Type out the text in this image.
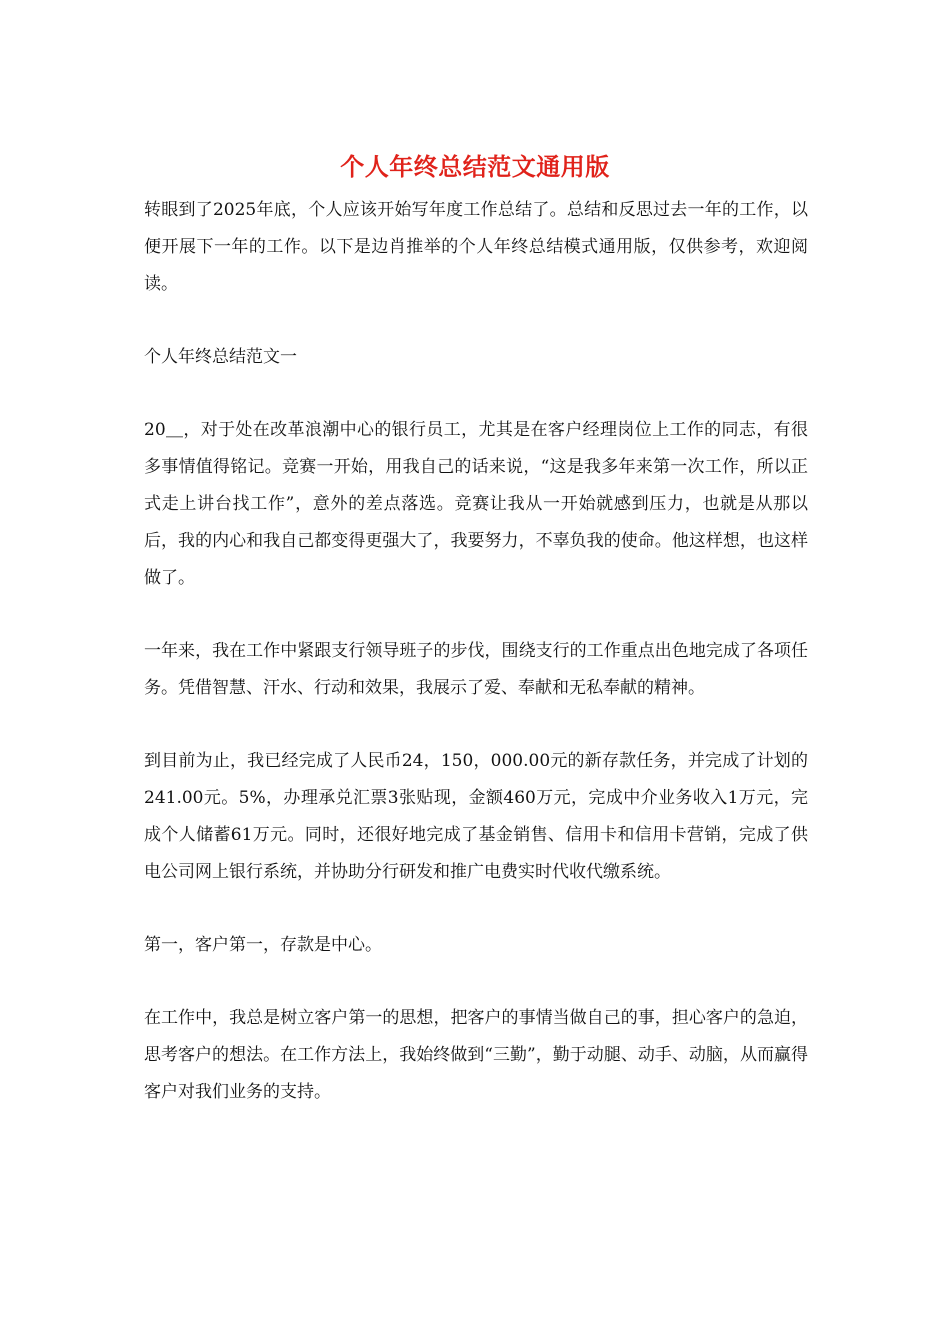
个人年终总结范文通用版

转眼到了2025年底，个人应该开始写年度工作总结了。总结和反思过去一年的工作，以便开展下一年的工作。以下是边肖推举的个人年终总结模式通用版，仅供参考，欢迎阅读。

个人年终总结范文一

20＿，对于处在改革浪潮中心的银行员工，尤其是在客户经理岗位上工作的同志，有很多事情值得铭记。竞赛一开始，用我自己的话来说，“这是我多年来第一次工作，所以正式走上讲台找工作”，意外的差点落选。竞赛让我从一开始就感到压力，也就是从那以后，我的内心和我自己都变得更强大了，我要努力，不辜负我的使命。他这样想，也这样做了。

一年来，我在工作中紧跟支行领导班子的步伐，围绕支行的工作重点出色地完成了各项任务。凭借智慧、汗水、行动和效果，我展示了爱、奉献和无私奉献的精神。

到目前为止，我已经完成了人民币24，150，000.00元的新存款任务，并完成了计划的241.00元。5%，办理承兑汇票3张贴现，金额460万元，完成中介业务收入1万元，完成个人储蓄61万元。同时，还很好地完成了基金销售、信用卡和信用卡营销，完成了供电公司网上银行系统，并协助分行研发和推广电费实时代收代缴系统。

第一，客户第一，存款是中心。

在工作中，我总是树立客户第一的思想，把客户的事情当做自己的事，担心客户的急迫，思考客户的想法。在工作方法上，我始终做到“三勤”，勤于动腿、动手、动脑，从而赢得客户对我们业务的支持。
